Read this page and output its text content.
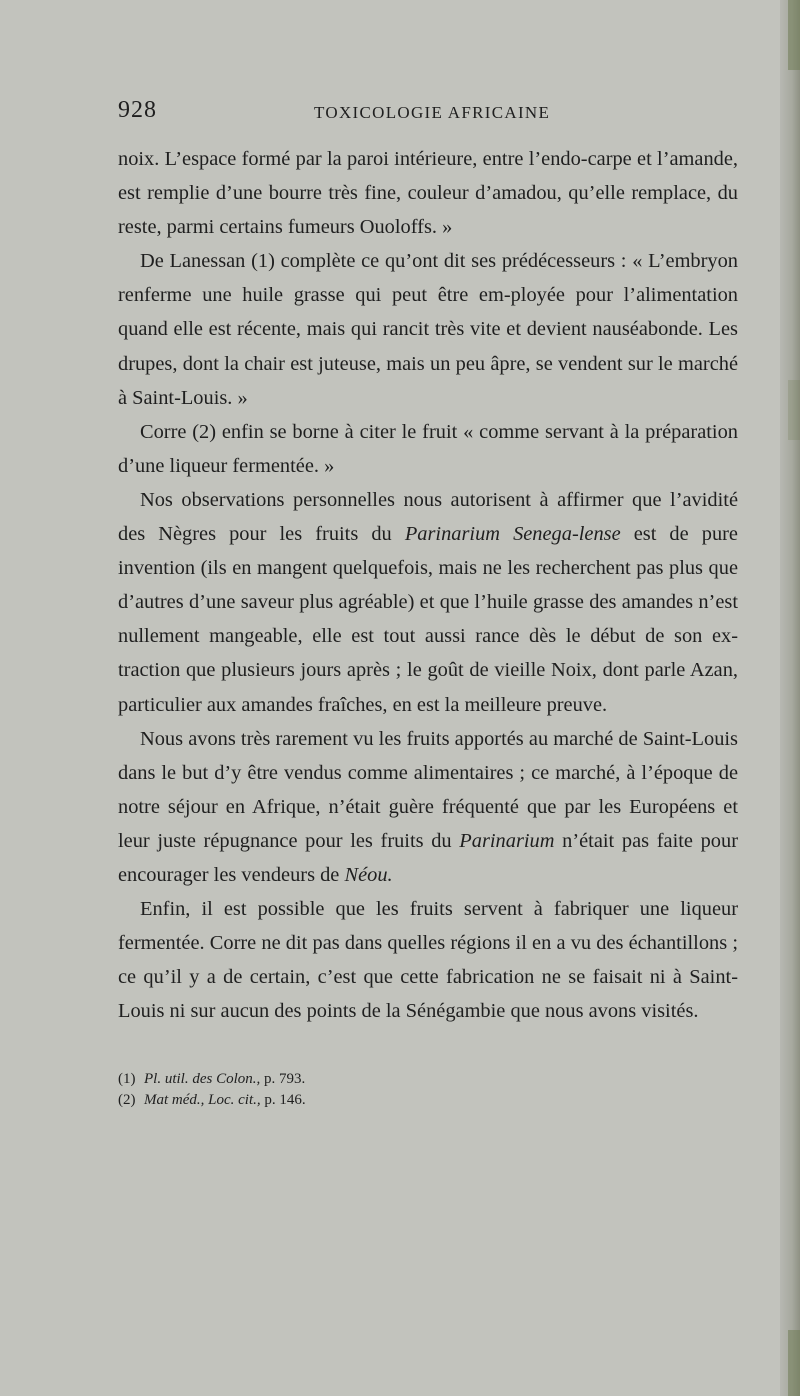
928	TOXICOLOGIE AFRICAINE

noix. L’espace formé par la paroi intérieure, entre l’endo-carpe et l’amande, est remplie d’une bourre très fine, couleur d’amadou, qu’elle remplace, du reste, parmi certains fumeurs Ouoloffs. »

De Lanessan (1) complète ce qu’ont dit ses prédécesseurs : « L’embryon renferme une huile grasse qui peut être em-ployée pour l’alimentation quand elle est récente, mais qui rancit très vite et devient nauséabonde. Les drupes, dont la chair est juteuse, mais un peu âpre, se vendent sur le marché à Saint-Louis. »

Corre (2) enfin se borne à citer le fruit « comme servant à la préparation d’une liqueur fermentée. »

Nos observations personnelles nous autorisent à affirmer que l’avidité des Nègres pour les fruits du Parinarium Senega-lense est de pure invention (ils en mangent quelquefois, mais ne les recherchent pas plus que d’autres d’une saveur plus agréable) et que l’huile grasse des amandes n’est nullement mangeable, elle est tout aussi rance dès le début de son ex-traction que plusieurs jours après ; le goût de vieille Noix, dont parle Azan, particulier aux amandes fraîches, en est la meilleure preuve.

Nous avons très rarement vu les fruits apportés au marché de Saint-Louis dans le but d’y être vendus comme alimentaires ; ce marché, à l’époque de notre séjour en Afrique, n’était guère fréquenté que par les Européens et leur juste répugnance pour les fruits du Parinarium n’était pas faite pour encourager les vendeurs de Néou.

Enfin, il est possible que les fruits servent à fabriquer une liqueur fermentée. Corre ne dit pas dans quelles régions il en a vu des échantillons ; ce qu’il y a de certain, c’est que cette fabrication ne se faisait ni à Saint-Louis ni sur aucun des points de la Sénégambie que nous avons visités.

(1) Pl. util. des Colon., p. 793.
(2) Mat méd., Loc. cit., p. 146.
